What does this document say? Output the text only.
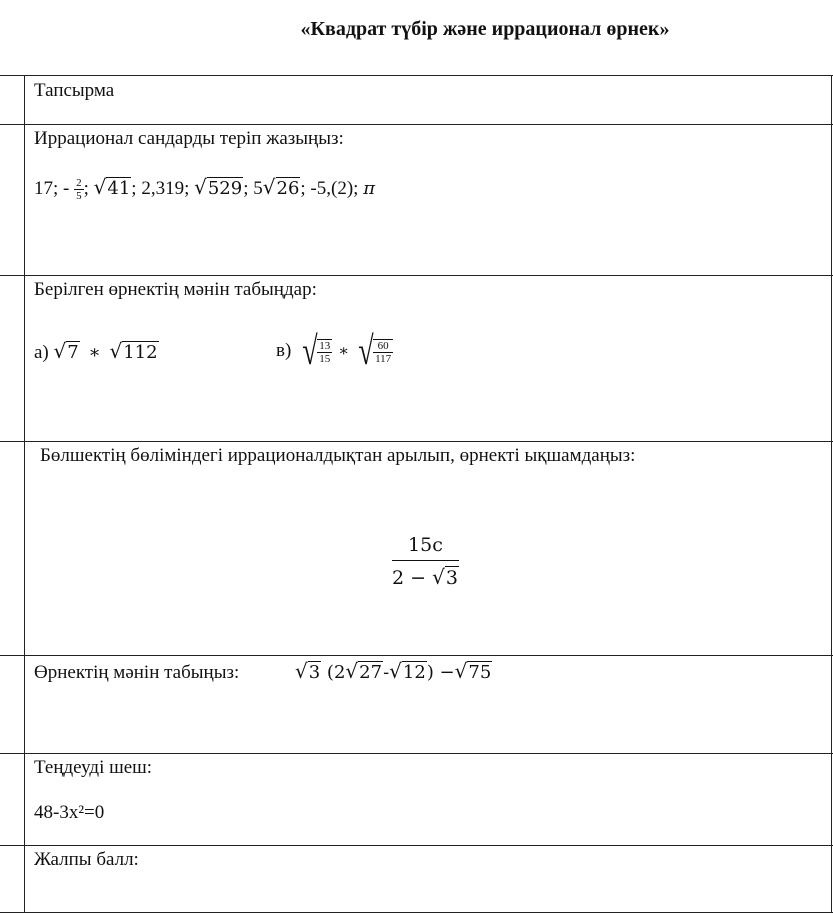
«Квадрат түбір және иррационал өрнек»
Тапсырма
Иррационал сандарды теріп жазыңыз:
17; - $\frac{2}{5}$ ; √41; 2,319; √529; 5√26; -5,(2); π
Берілген өрнектің мәнін табыңдар:
а) √7 ∗ √112	в) √ $\frac{13}{15}$ ∗ √ $\frac{60}{117}$
Бөлшектің бөліміндегі иррационалдықтан арылып, өрнекті ықшамдаңыз:
$\frac{15c}{2 - √3}$
Өрнектің мәнін табыңыз:	√3 (2√27-√12) −√75
Теңдеуді шеш:
48-3x²=0
Жалпы балл:
